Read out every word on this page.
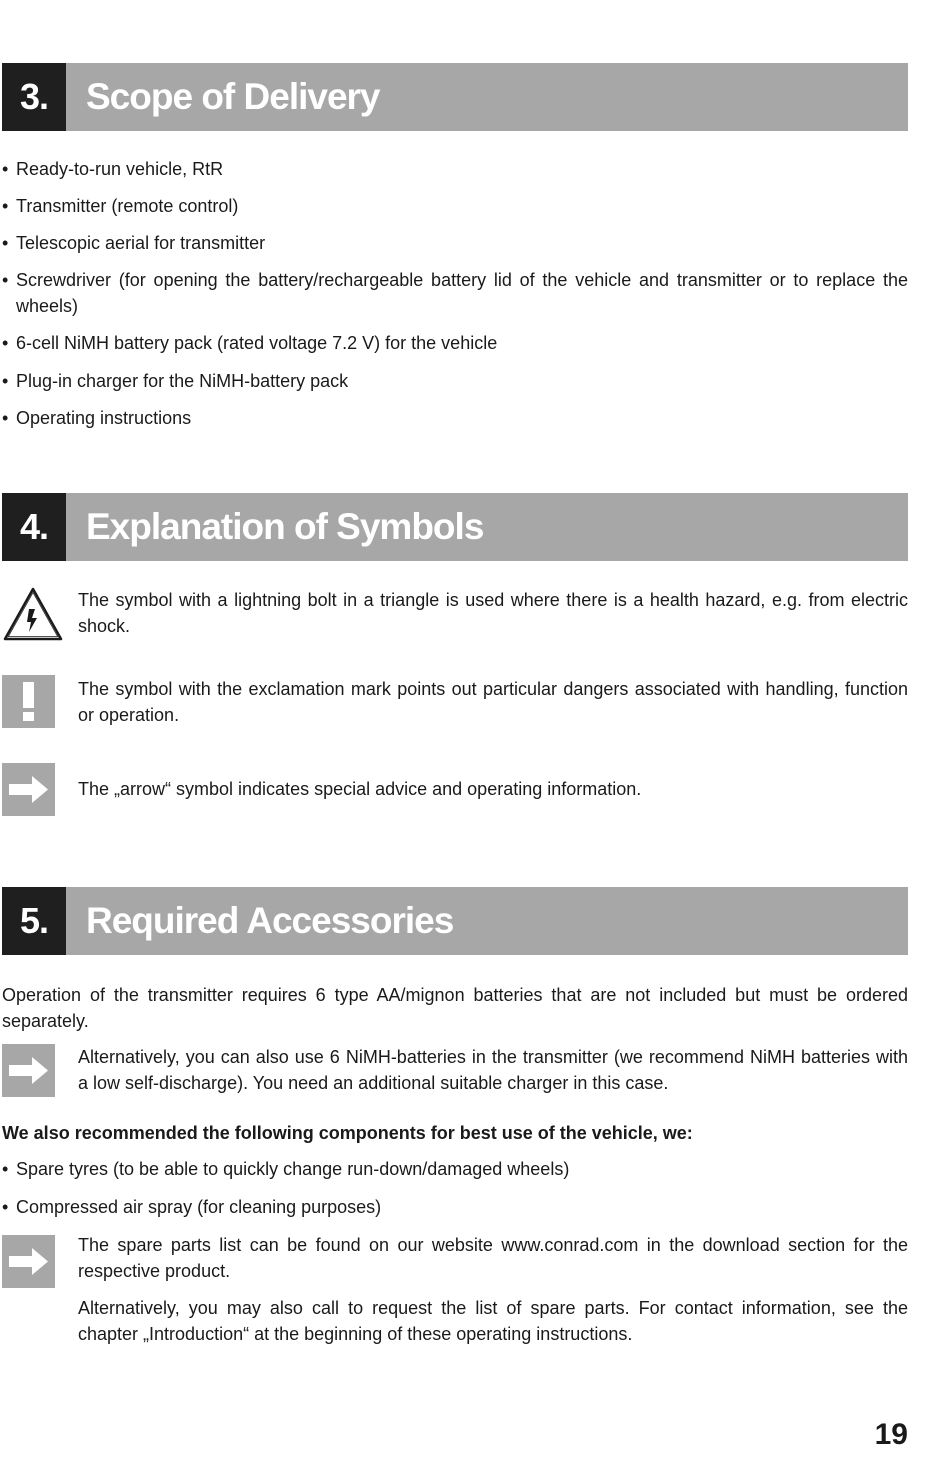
3.	Scope of Delivery
• Ready-to-run vehicle, RtR
• Transmitter (remote control)
• Telescopic aerial for transmitter
• Screwdriver (for opening the battery/rechargeable battery lid of the vehicle and transmitter or to replace the wheels)
• 6-cell NiMH battery pack (rated voltage 7.2 V) for the vehicle
• Plug-in charger for the NiMH-battery pack
• Operating instructions
4.	Explanation of Symbols
The symbol with a lightning bolt in a triangle is used where there is a health hazard, e.g. from electric shock.
The symbol with the exclamation mark points out particular dangers associated with handling, function or operation.
The „arrow“ symbol indicates special advice and operating information.
5.	Required Accessories
Operation of the transmitter requires 6 type AA/mignon batteries that are not included but must be ordered separately.
Alternatively, you can also use 6 NiMH-batteries in the transmitter (we recommend NiMH batteries with a low self-discharge). You need an additional suitable charger in this case.
We also recommended the following components for best use of the vehicle, we:
• Spare tyres (to be able to quickly change run-down/damaged wheels)
• Compressed air spray (for cleaning purposes)
The spare parts list can be found on our website www.conrad.com in the download section for the respective product.
Alternatively, you may also call to request the list of spare parts. For contact information, see the chapter „Introduction“ at the beginning of these operating instructions.
19
